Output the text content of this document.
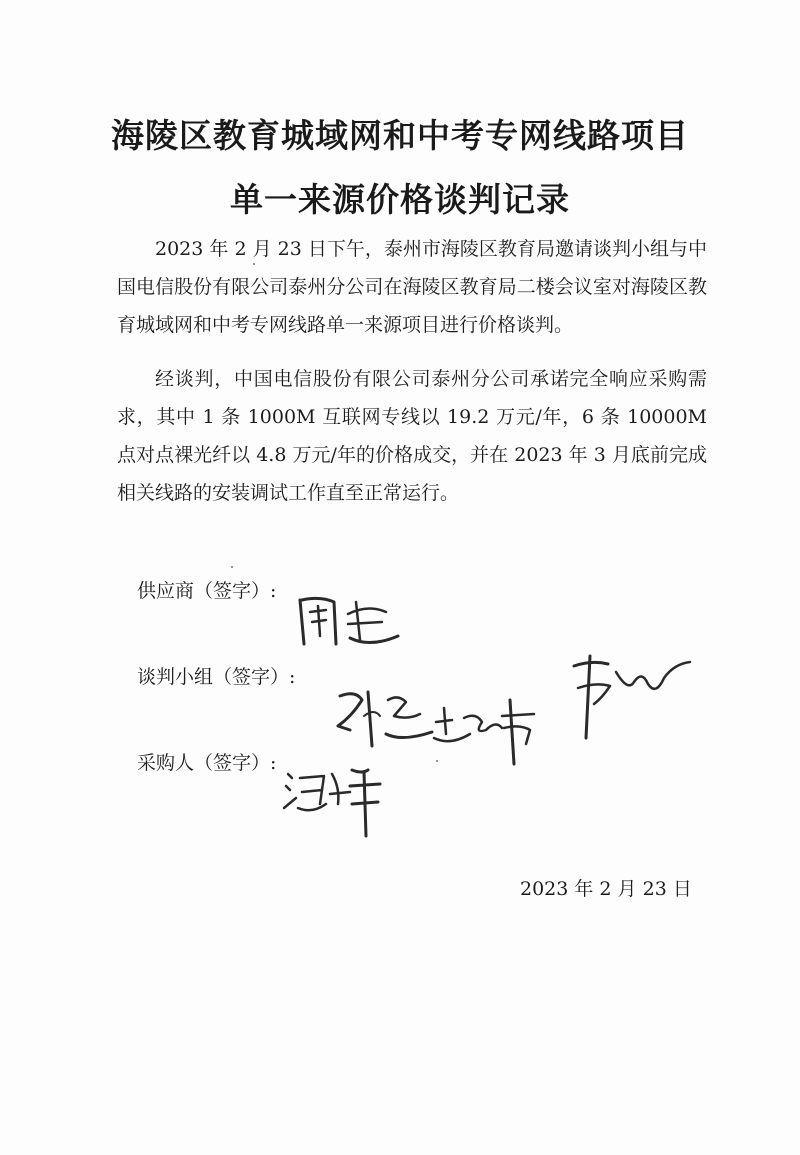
海陵区教育城域网和中考专网线路项目
单一来源价格谈判记录
2023 年 2 月 23 日下午，泰州市海陵区教育局邀请谈判小组与中国电信股份有限公司泰州分公司在海陵区教育局二楼会议室对海陵区教育城域网和中考专网线路单一来源项目进行价格谈判。
经谈判，中国电信股份有限公司泰州分公司承诺完全响应采购需求，其中 1 条 1000M 互联网专线以 19.2 万元/年，6 条 10000M 点对点裸光纤以 4.8 万元/年的价格成交，并在 2023 年 3 月底前完成相关线路的安装调试工作直至正常运行。
供应商（签字）:
谈判小组（签字）:
采购人（签字）:
2023 年 2 月 23 日
